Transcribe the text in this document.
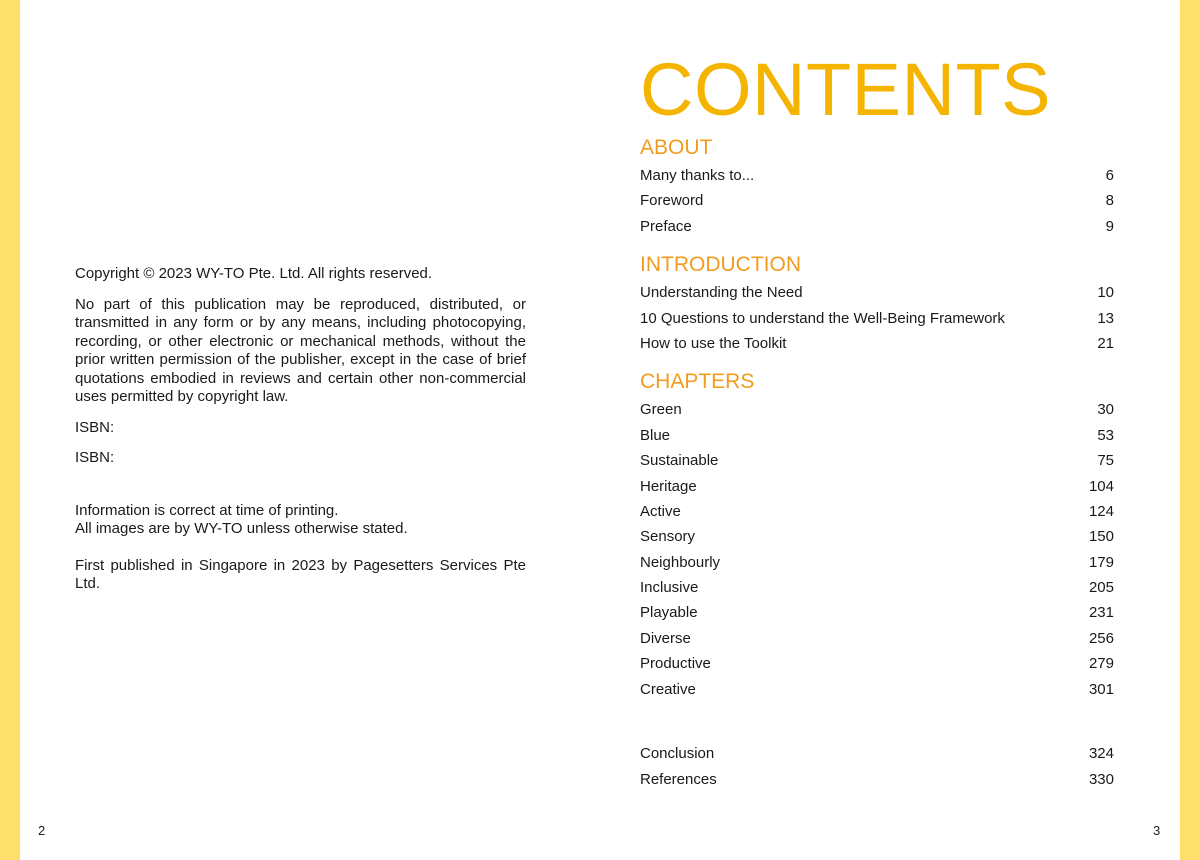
Copyright © 2023 WY-TO Pte. Ltd. All rights reserved.

No part of this publication may be reproduced, distributed, or transmitted in any form or by any means, including photocopying, recording, or other electronic or mechanical methods, without the prior written permission of the publisher, except in the case of brief quotations embodied in reviews and certain other non-commercial uses permitted by copyright law.

ISBN:

ISBN:

Information is correct at time of printing.

All images are by WY-TO unless otherwise stated.

First published in Singapore in 2023 by Pagesetters Services Pte Ltd.

2	3
CONTENTS
ABOUT
Many thanks to...	6
Foreword	8
Preface	9
INTRODUCTION
Understanding the Need	10
10 Questions to understand the Well-Being Framework	13
How to use the Toolkit	21
CHAPTERS
Green	30
Blue	53
Sustainable	75
Heritage	104
Active	124
Sensory	150
Neighbourly	179
Inclusive	205
Playable	231
Diverse	256
Productive	279
Creative	301
Conclusion	324
References	330
